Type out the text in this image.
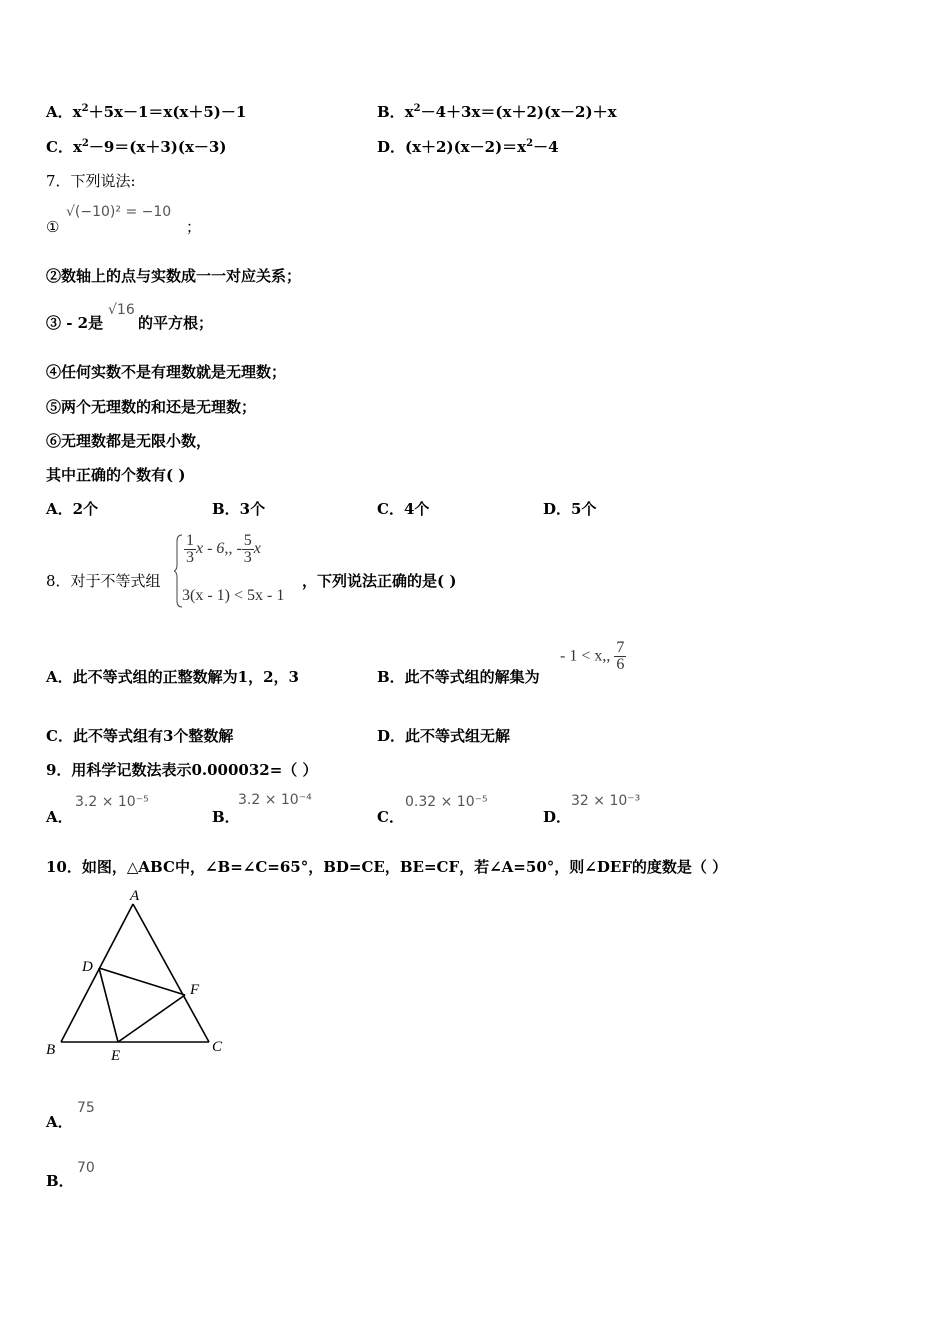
A．$x^2+5x-1=x(x+5)-1$	B．$x^2-4+3x=(x+2)(x-2)+x$
C．$x^2-9=(x+3)(x-3)$	D．$(x+2)(x-2)=x^2-4$
7．下列说法:
①
√(−10)² = −10
；
②数轴上的点与实数成一一对应关系；
③ - 2是
√16
的平方根；
④任何实数不是有理数就是无理数；
⑤两个无理数的和还是无理数；
⑥无理数都是无限小数，
其中正确的个数有( )
A．2个	B．3个	C．4个	D．5个
8．对于不等式组
$\frac{1}{3}$ x - 6,, - $\frac{5}{3}$ x
3(x - 1) < 5x - 1
，下列说法正确的是( )
A．此不等式组的正整数解为1，2，3	B．此不等式组的解集为
- 1 < x,, $\frac{7}{6}$
C．此不等式组有3个整数解	D．此不等式组无解
9．用科学记数法表示0.000032=（ ）
A．
3.2 × 10⁻⁵
B．
3.2 × 10⁻⁴
C．
0.32 × 10⁻⁵
D．
32 × 10⁻³
10．如图，△ABC中，∠B=∠C=65°，BD=CE，BE=CF，若∠A=50°，则∠DEF的度数是（ ）
A
B	C
D
E
F
A．
75
B．
70
